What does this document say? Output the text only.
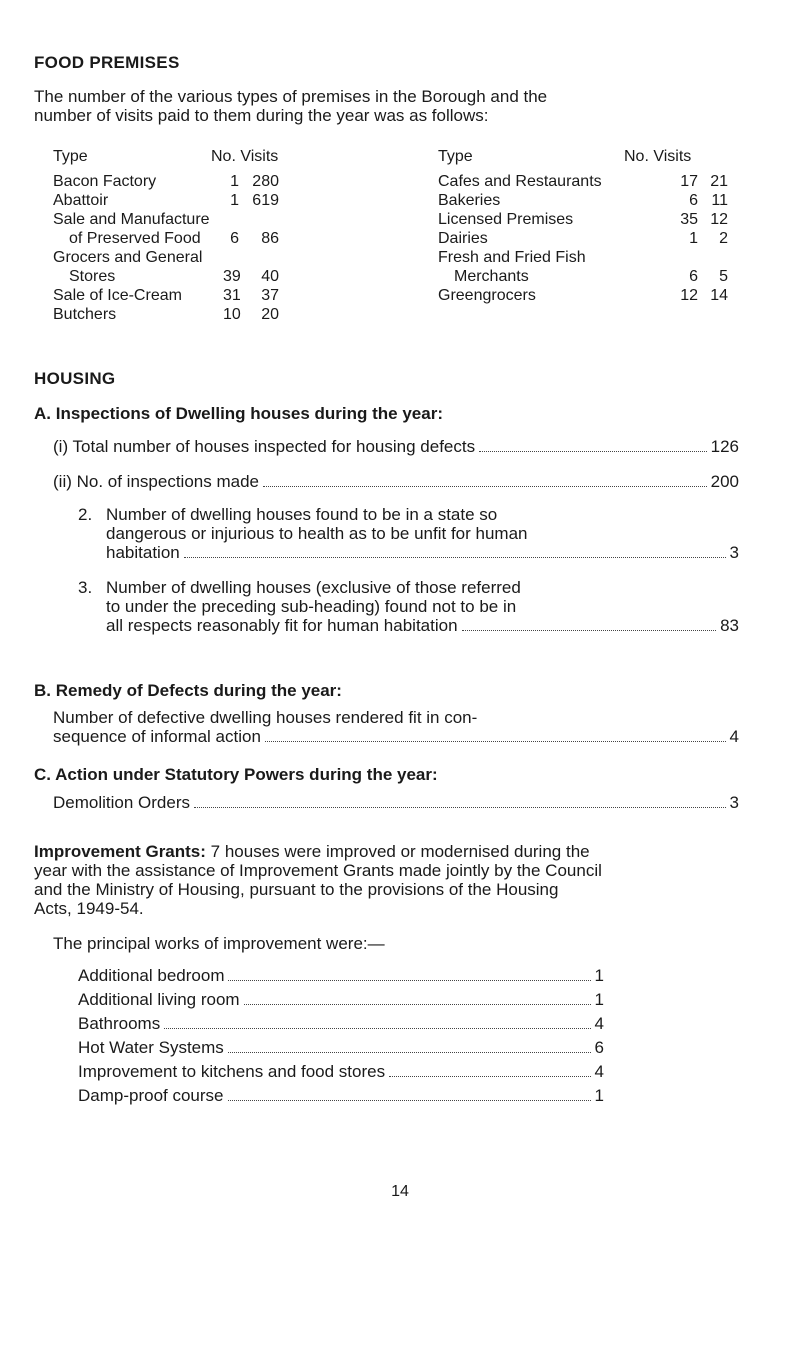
FOOD PREMISES
The number of the various types of premises in the Borough and the
number of visits paid to them during the year was as follows:
Type	No. Visits	Type	No. Visits
Bacon Factory	1 280
Abattoir	1 619
Sale and Manufacture
of Preserved Food	6	86
Grocers and General
Stores	39	40
Sale of Ice-Cream	31	37
Butchers	10	20
Cafes and Restaurants	17 21
Bakeries	6 11
Licensed Premises	35 12
Dairies	1	2
Fresh and Fried Fish
Merchants	6	5
Greengrocers	12 14
HOUSING
A. Inspections of Dwelling houses during the year:
(i) Total number of houses inspected for housing defects	126
(ii) No. of inspections made	200
2. Number of dwelling houses found to be in a state so
dangerous or injurious to health as to be unfit for human
habitation	3
3. Number of dwelling houses (exclusive of those referred
to under the preceding sub-heading) found not to be in
all respects reasonably fit for human habitation	83
B. Remedy of Defects during the year:
Number of defective dwelling houses rendered fit in con-
sequence of informal action	4
C. Action under Statutory Powers during the year:
Demolition Orders	3
Improvement Grants: 7 houses were improved or modernised during the
year with the assistance of Improvement Grants made jointly by the Council
and the Ministry of Housing, pursuant to the provisions of the Housing
Acts, 1949-54.
The principal works of improvement were:—
Additional bedroom	1
Additional living room	1
Bathrooms	4
Hot Water Systems	6
Improvement to kitchens and food stores	4
Damp-proof course	1
14
